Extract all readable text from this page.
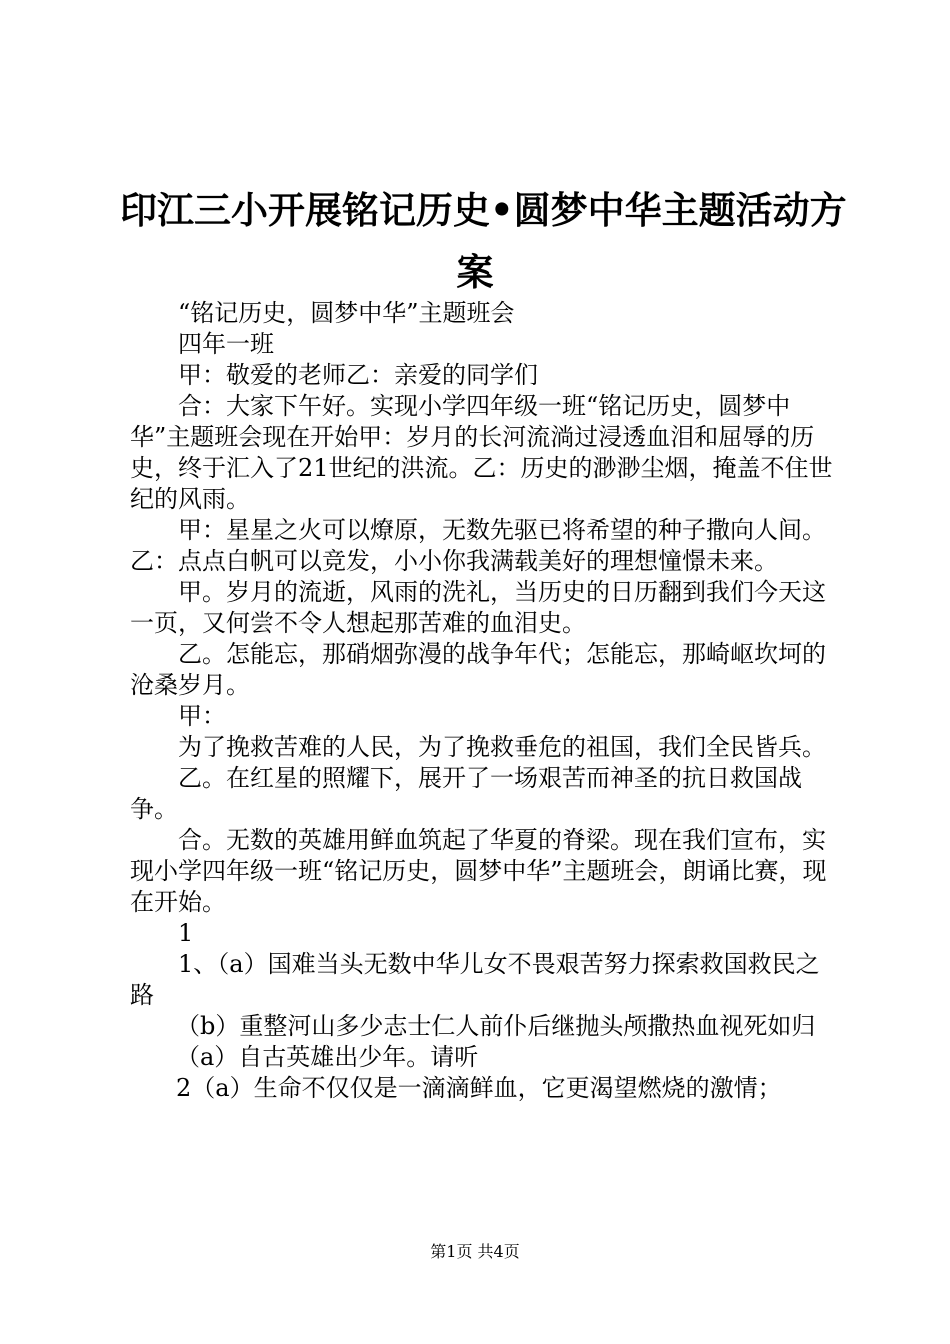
印江三小开展铭记历史•圆梦中华主题活动方
案

“铭记历史，圆梦中华”主题班会

四年一班

甲：敬爱的老师乙：亲爱的同学们

合：大家下午好。实现小学四年级一班“铭记历史，圆梦中华”主题班会现在开始甲：岁月的长河流淌过浸透血泪和屈辱的历史，终于汇入了21世纪的洪流。乙：历史的渺渺尘烟，掩盖不住世纪的风雨。

甲：星星之火可以燎原，无数先驱已将希望的种子撒向人间。乙：点点白帆可以竞发，小小你我满载美好的理想憧憬未来。

甲。岁月的流逝，风雨的洗礼，当历史的日历翻到我们今天这一页，又何尝不令人想起那苦难的血泪史。

乙。怎能忘，那硝烟弥漫的战争年代；怎能忘，那崎岖坎坷的沧桑岁月。

甲：

为了挽救苦难的人民，为了挽救垂危的祖国，我们全民皆兵。

乙。在红星的照耀下，展开了一场艰苦而神圣的抗日救国战争。

合。无数的英雄用鲜血筑起了华夏的脊梁。现在我们宣布，实现小学四年级一班“铭记历史，圆梦中华”主题班会，朗诵比赛，现在开始。

1

1、（a）国难当头无数中华儿女不畏艰苦努力探索救国救民之路

（b）重整河山多少志士仁人前仆后继抛头颅撒热血视死如归

（a）自古英雄出少年。请听

2（a）生命不仅仅是一滴滴鲜血，它更渴望燃烧的激情；

第1页 共4页
